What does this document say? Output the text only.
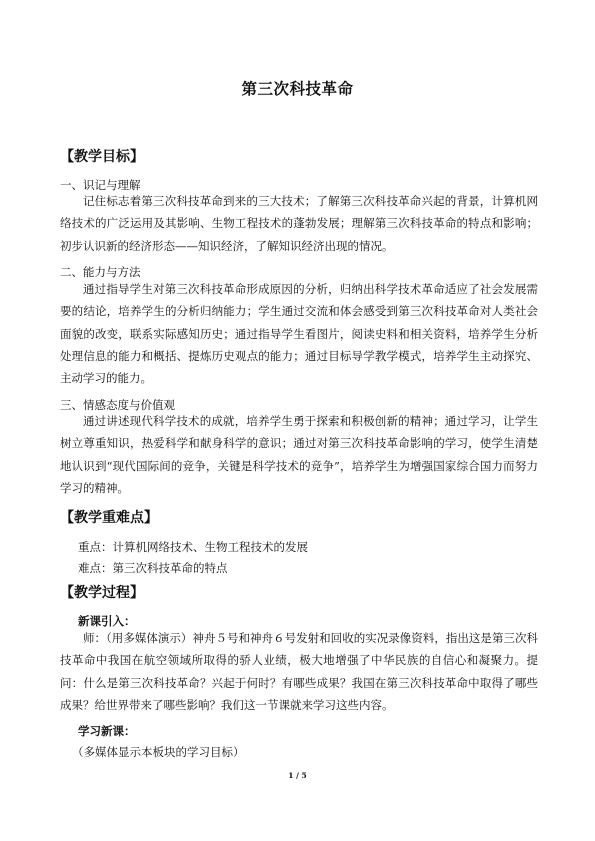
第三次科技革命
【教学目标】
一、识记与理解
记住标志着第三次科技革命到来的三大技术；了解第三次科技革命兴起的背景，计算机网络技术的广泛运用及其影响、生物工程技术的蓬勃发展；理解第三次科技革命的特点和影响；初步认识新的经济形态——知识经济，了解知识经济出现的情况。
二、能力与方法
通过指导学生对第三次科技革命形成原因的分析，归纳出科学技术革命适应了社会发展需要的结论，培养学生的分析归纳能力；学生通过交流和体会感受到第三次科技革命对人类社会面貌的改变，联系实际感知历史；通过指导学生看图片，阅读史料和相关资料，培养学生分析处理信息的能力和概括、提炼历史观点的能力；通过目标导学教学模式，培养学生主动探究、主动学习的能力。
三、情感态度与价值观
通过讲述现代科学技术的成就，培养学生勇于探索和积极创新的精神；通过学习，让学生树立尊重知识，热爱科学和献身科学的意识；通过对第三次科技革命影响的学习，使学生清楚地认识到“现代国际间的竞争，关键是科学技术的竞争”，培养学生为增强国家综合国力而努力学习的精神。
【教学重难点】
重点：计算机网络技术、生物工程技术的发展
难点：第三次科技革命的特点
【教学过程】
新课引入：
师：（用多媒体演示）神舟５号和神舟６号发射和回收的实况录像资料，指出这是第三次科技革命中我国在航空领域所取得的骄人业绩，极大地增强了中华民族的自信心和凝聚力。提问：什么是第三次科技革命？兴起于何时？有哪些成果？我国在第三次科技革命中取得了哪些成果？给世界带来了哪些影响？我们这一节课就来学习这些内容。
学习新课：
（多媒体显示本板块的学习目标）
1 / 5
